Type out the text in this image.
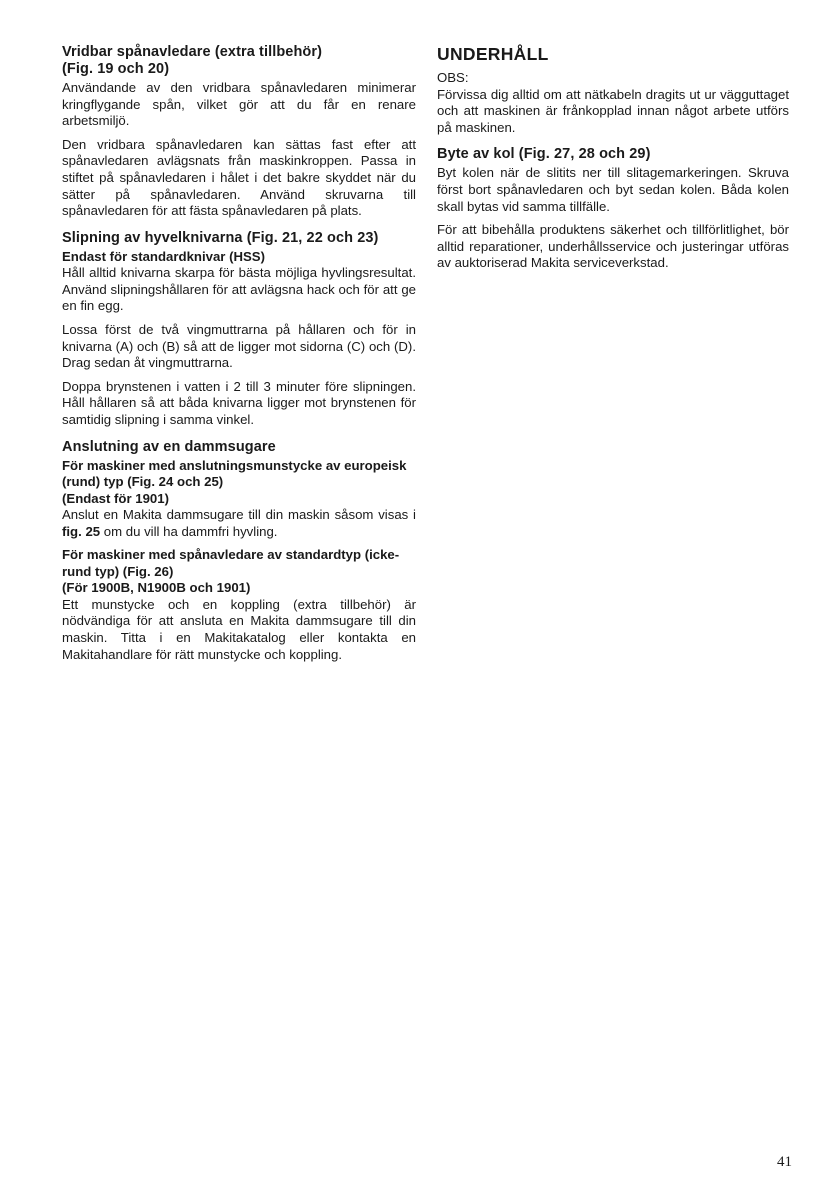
Vridbar spånavledare (extra tillbehör)
(Fig. 19 och 20)

Användande av den vridbara spånavledaren minimerar kringflygande spån, vilket gör att du får en renare arbetsmiljö.

Den vridbara spånavledaren kan sättas fast efter att spånavledaren avlägsnats från maskinkroppen. Passa in stiftet på spånavledaren i hålet i det bakre skyddet när du sätter på spånavledaren. Använd skruvarna till spånavledaren för att fästa spånavledaren på plats.

Slipning av hyvelknivarna (Fig. 21, 22 och 23)
Endast för standardknivar (HSS)

Håll alltid knivarna skarpa för bästa möjliga hyvlingsresultat. Använd slipningshållaren för att avlägsna hack och för att ge en fin egg.

Lossa först de två vingmuttrarna på hållaren och för in knivarna (A) och (B) så att de ligger mot sidorna (C) och (D). Drag sedan åt vingmuttrarna.

Doppa brynstenen i vatten i 2 till 3 minuter före slipningen. Håll hållaren så att båda knivarna ligger mot brynstenen för samtidig slipning i samma vinkel.

Anslutning av en dammsugare
För maskiner med anslutningsmunstycke av europeisk (rund) typ (Fig. 24 och 25)
(Endast för 1901)

Anslut en Makita dammsugare till din maskin såsom visas i fig. 25 om du vill ha dammfri hyvling.

För maskiner med spånavledare av standardtyp (icke-rund typ) (Fig. 26)
(För 1900B, N1900B och 1901)

Ett munstycke och en koppling (extra tillbehör) är nödvändiga för att ansluta en Makita dammsugare till din maskin. Titta i en Makitakatalog eller kontakta en Makitahandlare för rätt munstycke och koppling.

UNDERHÅLL

OBS:

Förvissa dig alltid om att nätkabeln dragits ut ur vägguttaget och att maskinen är frånkopplad innan något arbete utförs på maskinen.

Byte av kol (Fig. 27, 28 och 29)

Byt kolen när de slitits ner till slitagemarkeringen. Skruva först bort spånavledaren och byt sedan kolen. Båda kolen skall bytas vid samma tillfälle.

För att bibehålla produktens säkerhet och tillförlitlighet, bör alltid reparationer, underhållsservice och justeringar utföras av auktoriserad Makita serviceverkstad.

41
